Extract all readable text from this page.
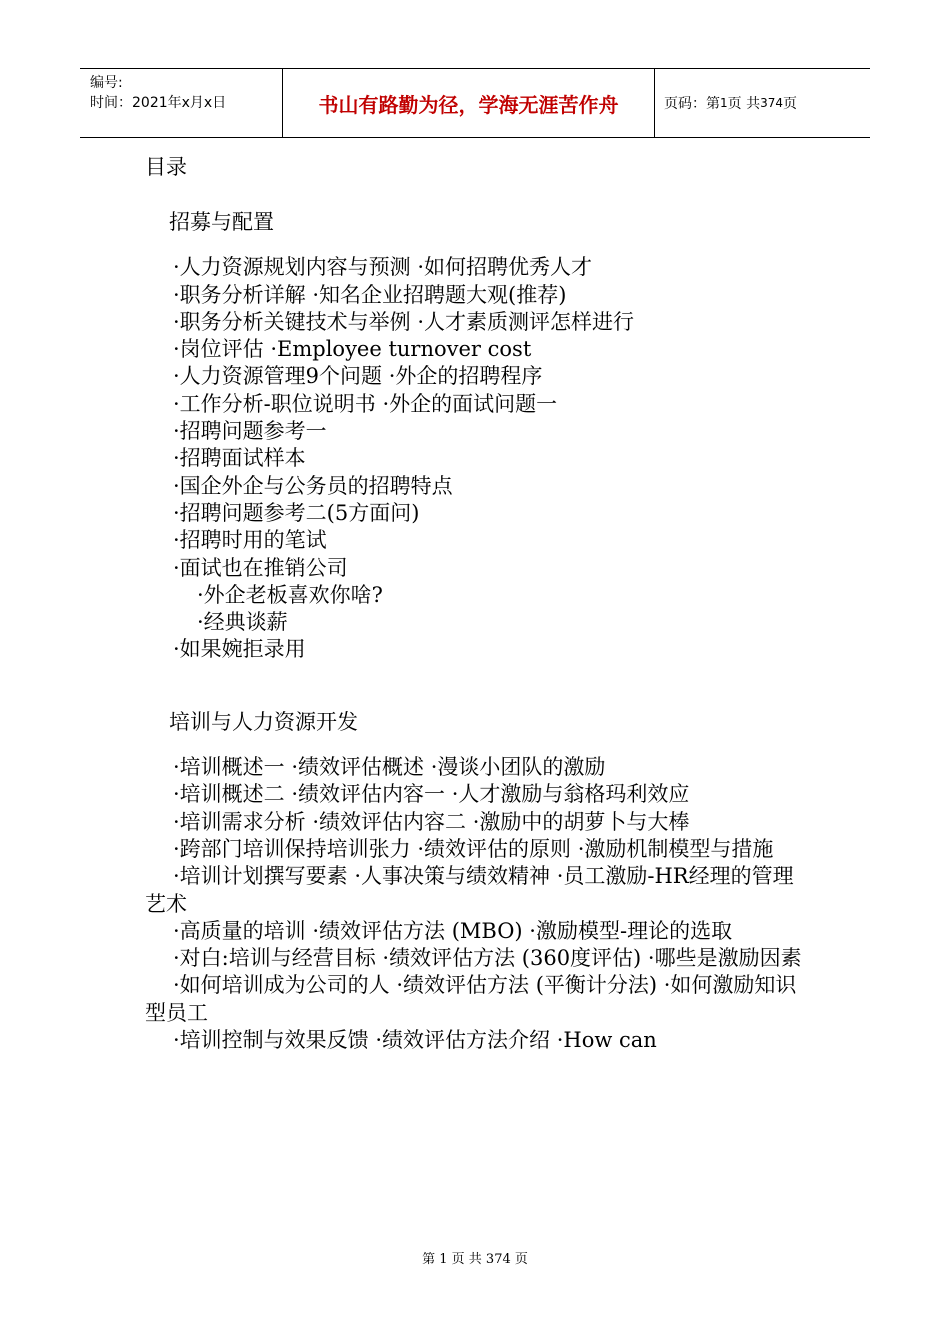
编号:
时间：2021年x月x日	书山有路勤为径，学海无涯苦作舟	页码：第 1 页 共 374 页
目录
招募与配置
·人力资源规划内容与预测 ·如何招聘优秀人才
·职务分析详解 ·知名企业招聘题大观(推荐)
·职务分析关键技术与举例 ·人才素质测评怎样进行
·岗位评估 ·Employee turnover cost
·人力资源管理9个问题 ·外企的招聘程序
·工作分析-职位说明书 ·外企的面试问题一
·招聘问题参考一
·招聘面试样本
·国企外企与公务员的招聘特点
·招聘问题参考二(5方面问)
·招聘时用的笔试
·面试也在推销公司
·外企老板喜欢你啥?
·经典谈薪
·如果婉拒录用
培训与人力资源开发
·培训概述一 ·绩效评估概述 ·漫谈小团队的激励
·培训概述二 ·绩效评估内容一 ·人才激励与翁格玛利效应
·培训需求分析 ·绩效评估内容二 ·激励中的胡萝卜与大棒
·跨部门培训保持培训张力 ·绩效评估的原则 ·激励机制模型与措施
·培训计划撰写要素 ·人事决策与绩效精神 ·员工激励-HR经理的管理艺术
·高质量的培训 ·绩效评估方法 (MBO) ·激励模型-理论的选取
·对白:培训与经营目标 ·绩效评估方法 (360度评估) ·哪些是激励因素
·如何培训成为公司的人 ·绩效评估方法 (平衡计分法) ·如何激励知识型员工
·培训控制与效果反馈 ·绩效评估方法介绍 ·How can
第 1 页 共 374 页
